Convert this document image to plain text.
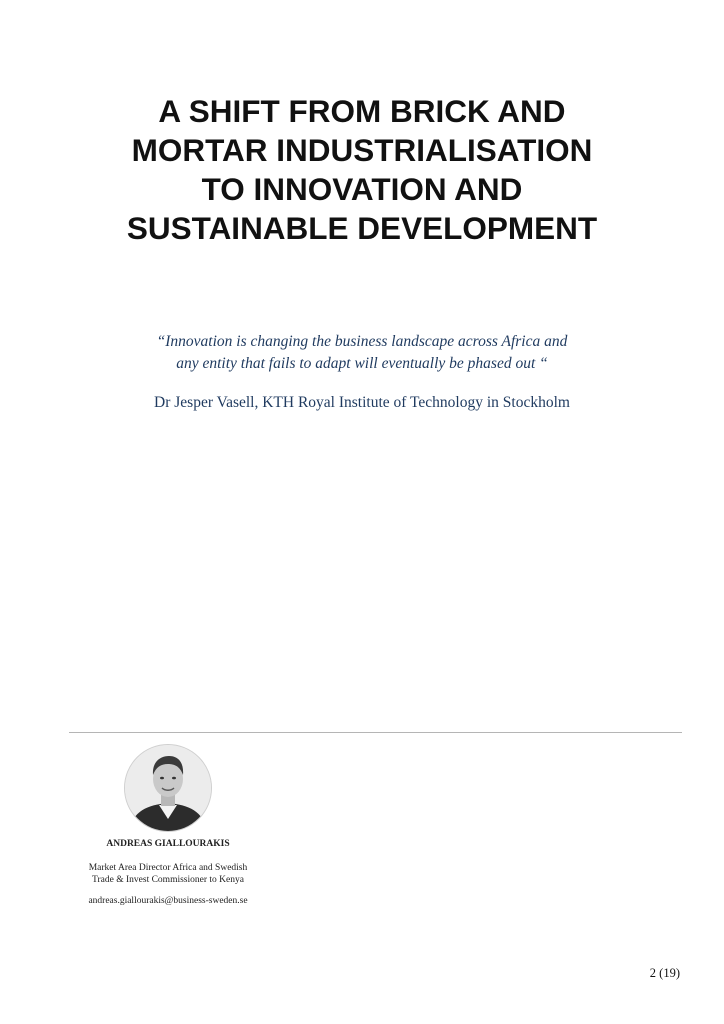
A SHIFT FROM BRICK AND
MORTAR INDUSTRIALISATION
TO INNOVATION AND
SUSTAINABLE DEVELOPMENT
“Innovation is changing the business landscape across Africa and
any entity that fails to adapt will eventually be phased out “
Dr Jesper Vasell, KTH Royal Institute of Technology in Stockholm
ANDREAS GIALLOURAKIS
Market Area Director Africa and Swedish
Trade & Invest Commissioner to Kenya
andreas.giallourakis@business-sweden.se
2 (19)
